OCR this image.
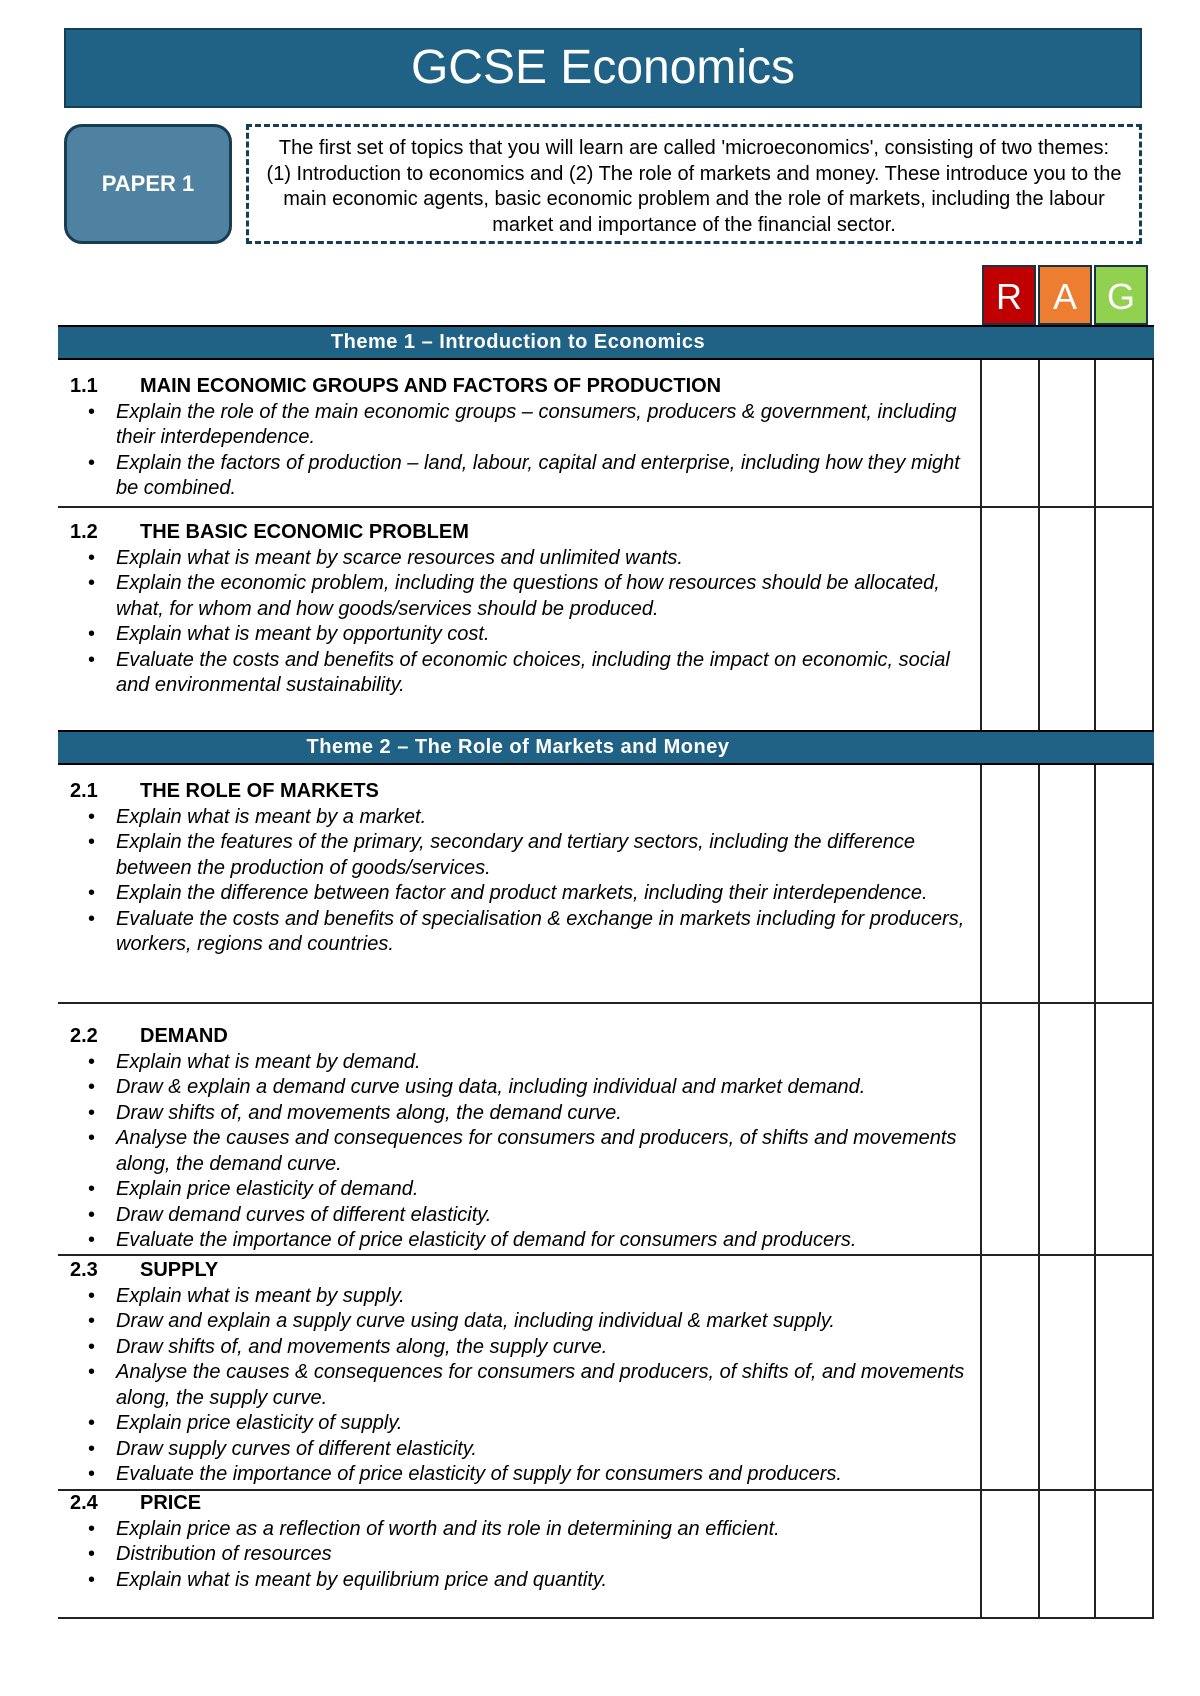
GCSE Economics
PAPER 1
The first set of topics that you will learn are called 'microeconomics', consisting of two themes: (1) Introduction to economics and (2) The role of markets and money. These introduce you to the main economic agents, basic economic problem and the role of markets, including the labour market and importance of the financial sector.
R A G
Theme 1 – Introduction to Economics
1.1 MAIN ECONOMIC GROUPS AND FACTORS OF PRODUCTION
• Explain the role of the main economic groups – consumers, producers & government, including their interdependence.
• Explain the factors of production – land, labour, capital and enterprise, including how they might be combined.
1.2 THE BASIC ECONOMIC PROBLEM
• Explain what is meant by scarce resources and unlimited wants.
• Explain the economic problem, including the questions of how resources should be allocated, what, for whom and how goods/services should be produced.
• Explain what is meant by opportunity cost.
• Evaluate the costs and benefits of economic choices, including the impact on economic, social and environmental sustainability.
Theme 2 – The Role of Markets and Money
2.1 THE ROLE OF MARKETS
• Explain what is meant by a market.
• Explain the features of the primary, secondary and tertiary sectors, including the difference between the production of goods/services.
• Explain the difference between factor and product markets, including their interdependence.
• Evaluate the costs and benefits of specialisation & exchange in markets including for producers, workers, regions and countries.
2.2 DEMAND
• Explain what is meant by demand.
• Draw & explain a demand curve using data, including individual and market demand.
• Draw shifts of, and movements along, the demand curve.
• Analyse the causes and consequences for consumers and producers, of shifts and movements along, the demand curve.
• Explain price elasticity of demand.
• Draw demand curves of different elasticity.
• Evaluate the importance of price elasticity of demand for consumers and producers.
2.3 SUPPLY
• Explain what is meant by supply.
• Draw and explain a supply curve using data, including individual & market supply.
• Draw shifts of, and movements along, the supply curve.
• Analyse the causes & consequences for consumers and producers, of shifts of, and movements along, the supply curve.
• Explain price elasticity of supply.
• Draw supply curves of different elasticity.
• Evaluate the importance of price elasticity of supply for consumers and producers.
2.4 PRICE
• Explain price as a reflection of worth and its role in determining an efficient.
• Distribution of resources
• Explain what is meant by equilibrium price and quantity.
